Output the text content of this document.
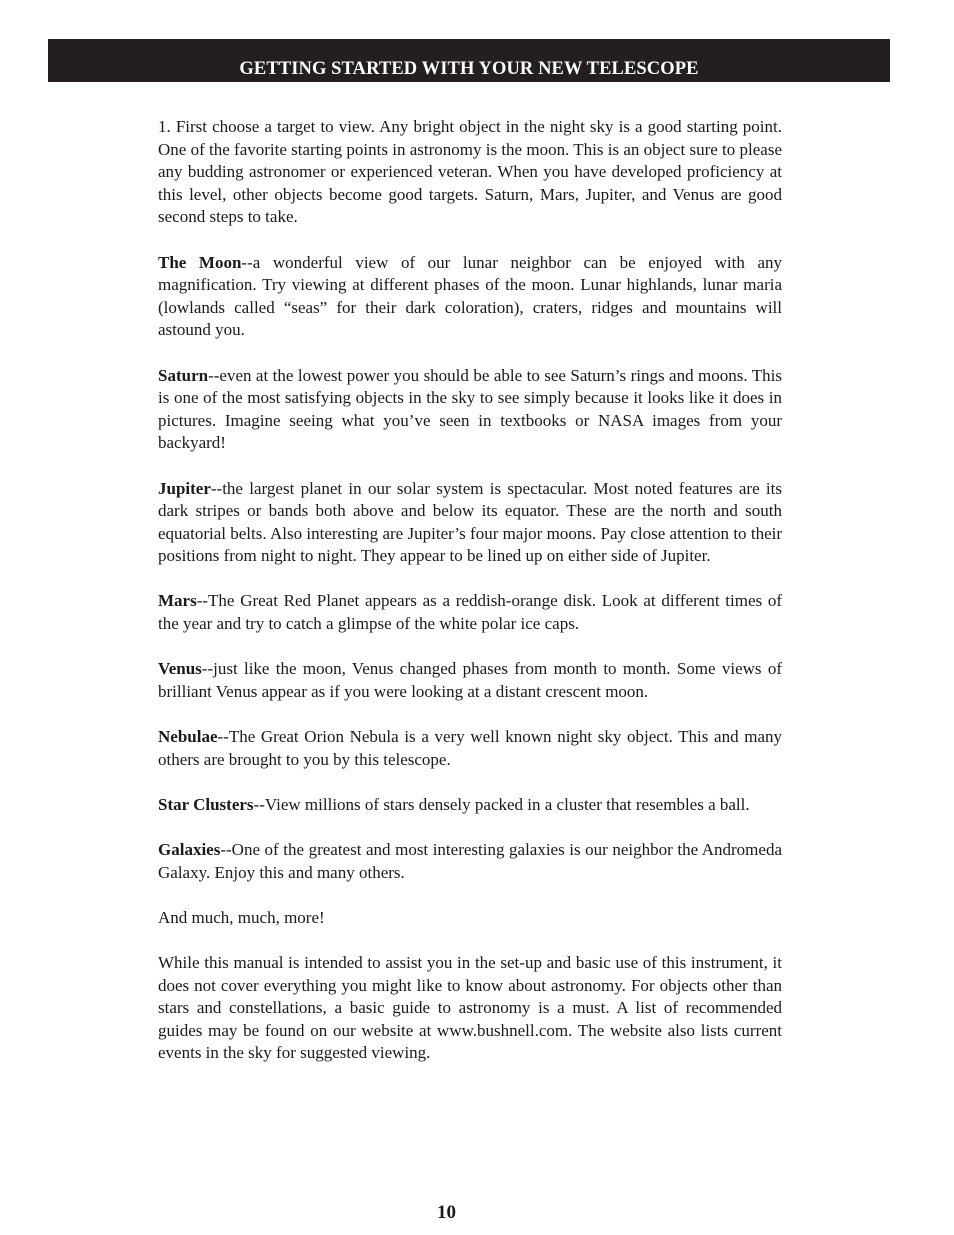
GETTING STARTED WITH YOUR NEW TELESCOPE

1. First choose a target to view. Any bright object in the night sky is a good starting point. One of the favorite starting points in astronomy is the moon. This is an object sure to please any budding astronomer or experienced veteran. When you have developed proficiency at this level, other objects become good targets. Saturn, Mars, Jupiter, and Venus are good second steps to take.

The Moon--a wonderful view of our lunar neighbor can be enjoyed with any magnification. Try viewing at different phases of the moon. Lunar highlands, lunar maria (lowlands called “seas” for their dark coloration), craters, ridges and mountains will astound you.

Saturn--even at the lowest power you should be able to see Saturn’s rings and moons. This is one of the most satisfying objects in the sky to see simply because it looks like it does in pictures. Imagine seeing what you’ve seen in textbooks or NASA images from your backyard!

Jupiter--the largest planet in our solar system is spectacular. Most noted features are its dark stripes or bands both above and below its equator. These are the north and south equatorial belts. Also interesting are Jupiter’s four major moons. Pay close attention to their positions from night to night. They appear to be lined up on either side of Jupiter.

Mars--The Great Red Planet appears as a reddish-orange disk. Look at different times of the year and try to catch a glimpse of the white polar ice caps.

Venus--just like the moon, Venus changed phases from month to month. Some views of brilliant Venus appear as if you were looking at a distant crescent moon.

Nebulae--The Great Orion Nebula is a very well known night sky object. This and many others are brought to you by this telescope.

Star Clusters--View millions of stars densely packed in a cluster that resembles a ball.

Galaxies--One of the greatest and most interesting galaxies is our neighbor the Andromeda Galaxy. Enjoy this and many others.

And much, much, more!

While this manual is intended to assist you in the set-up and basic use of this instrument, it does not cover everything you might like to know about astronomy. For objects other than stars and constellations, a basic guide to astronomy is a must. A list of recommended guides may be found on our website at www.bushnell.com. The website also lists current events in the sky for suggested viewing.

10
